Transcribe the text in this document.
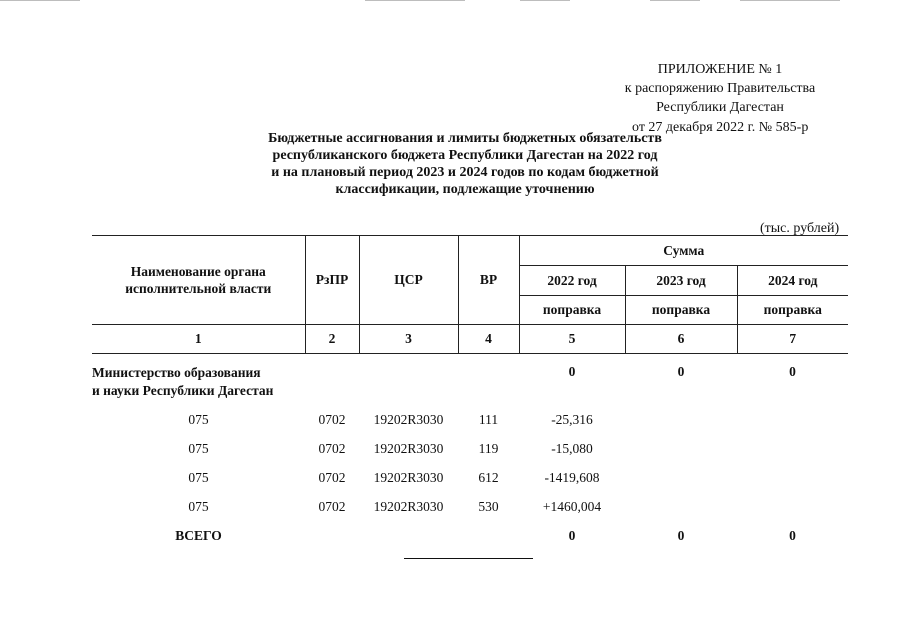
ПРИЛОЖЕНИЕ № 1
к распоряжению Правительства
Республики Дагестан
от 27 декабря 2022 г. № 585-р
Бюджетные ассигнования и лимиты бюджетных обязательств
республиканского бюджета Республики Дагестан на 2022 год
и на плановый период 2023 и 2024 годов по кодам бюджетной
классификации, подлежащие уточнению
(тыс. рублей)
Наименование органа исполнительной власти	РзПР	ЦСР	ВР	Сумма		
				2022 год	2023 год	2024 год
				поправка	поправка	поправка
1	2	3	4	5	6	7

Министерство образования
и науки Республики Дагестан				0	0	0
075	0702	19202R3030	111	-25,316		
075	0702	19202R3030	119	-15,080		
075	0702	19202R3030	612	-1419,608		
075	0702	19202R3030	530	+1460,004		
ВСЕГО				0	0	0
